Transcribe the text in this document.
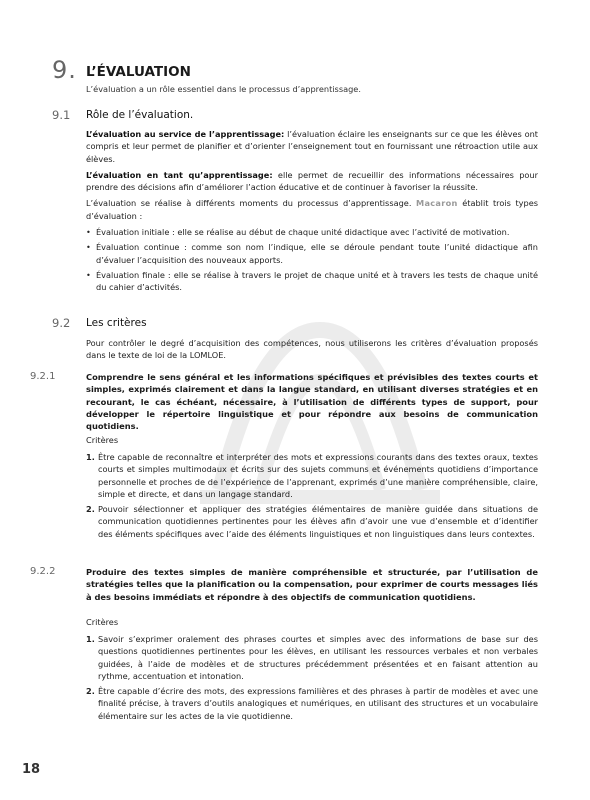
9. L’ÉVALUATION
L’évaluation a un rôle essentiel dans le processus d’apprentissage.
9.1 Rôle de l’évaluation.

L’évaluation au service de l’apprentissage: l’évaluation éclaire les enseignants sur ce que les élèves ont compris et leur permet de planifier et d’orienter l’enseignement tout en fournissant une rétroaction utile aux élèves.

L’évaluation en tant qu’apprentissage: elle permet de recueillir des informations nécessaires pour prendre des décisions afin d’améliorer l’action éducative et de continuer à favoriser la réussite.

L’évaluation se réalise à différents moments du processus d’apprentissage. Macaron établit trois types d’évaluation :

• Évaluation initiale : elle se réalise au début de chaque unité didactique avec l’activité de motivation.
• Évaluation continue : comme son nom l’indique, elle se déroule pendant toute l’unité didactique afin d’évaluer l’acquisition des nouveaux apports.
• Évaluation finale : elle se réalise à travers le projet de chaque unité et à travers les tests de chaque unité du cahier d’activités.
9.2 Les critères
Pour contrôler le degré d’acquisition des compétences, nous utiliserons les critères d’évaluation proposés dans le texte de loi de la LOMLOE.
9.2.1	Comprendre le sens général et les informations spécifiques et prévisibles des textes courts et simples, exprimés clairement et dans la langue standard, en utilisant diverses stratégies et en recourant, le cas échéant, nécessaire, à l’utilisation de différents types de support, pour développer le répertoire linguistique et pour répondre aux besoins de communication quotidiens.
Critères
1. Être capable de reconnaître et interpréter des mots et expressions courants dans des textes oraux, textes courts et simples multimodaux et écrits sur des sujets communs et événements quotidiens d’importance personnelle et proches de de l’expérience de l’apprenant, exprimés d’une manière compréhensible, claire, simple et directe, et dans un langage standard.
2. Pouvoir sélectionner et appliquer des stratégies élémentaires de manière guidée dans situations de communication quotidiennes pertinentes pour les élèves afin d’avoir une vue d’ensemble et d’identifier des éléments spécifiques avec l’aide des éléments linguistiques et non linguistiques dans leurs contextes.
9.2.2	Produire des textes simples de manière compréhensible et structurée, par l’utilisation de stratégies telles que la planification ou la compensation, pour exprimer de courts messages liés à des besoins immédiats et répondre à des objectifs de communication quotidiens.
Critères
1. Savoir s’exprimer oralement des phrases courtes et simples avec des informations de base sur des questions quotidiennes pertinentes pour les élèves, en utilisant les ressources verbales et non verbales guidées, à l’aide de modèles et de structures précédemment présentées et en faisant attention au rythme, accentuation et intonation.
2. Être capable d’écrire des mots, des expressions familières et des phrases à partir de modèles et avec une finalité précise, à travers d’outils analogiques et numériques, en utilisant des structures et un vocabulaire élémentaire sur les actes de la vie quotidienne.
18
